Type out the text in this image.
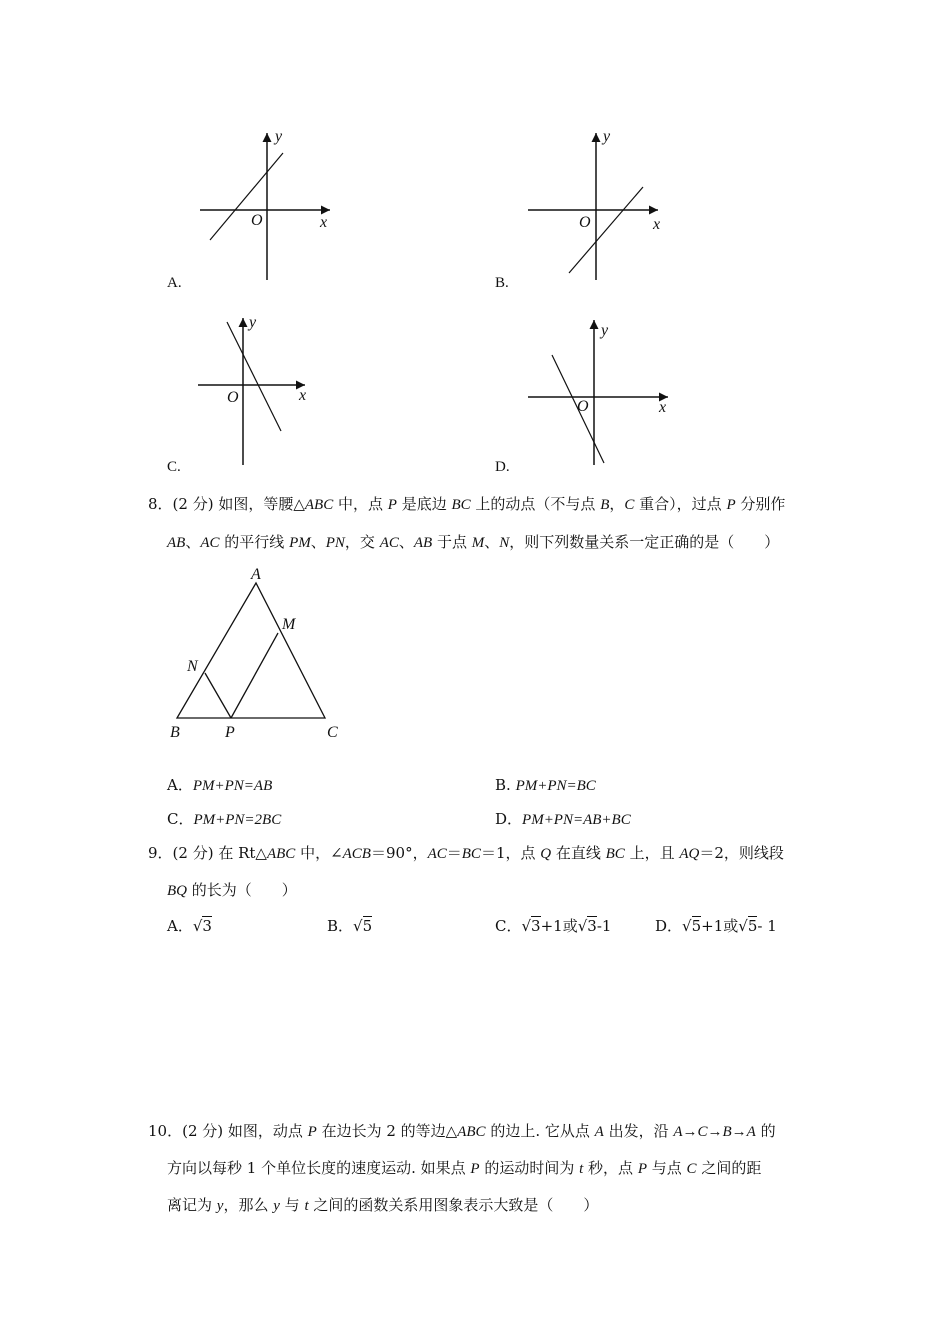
y
x
O
A.
y
x
O
B.
y
x
O
C.
y
x
O
D.
8．(2 分) 如图，等腰△ABC 中，点 P 是底边 BC 上的动点（不与点 B，C 重合），过点 P 分别作
AB、AC 的平行线 PM、PN，交 AC、AB 于点 M、N，则下列数量关系一定正确的是（　　）
A
M
N
B	P	C
A．PM+PN=AB	B. PM+PN=BC
C．PM+PN=2BC	D．PM+PN=AB+BC
9．(2 分) 在 Rt△ABC 中，∠ACB＝90°，AC＝BC＝1，点 Q 在直线 BC 上，且 AQ＝2，则线段
BQ 的长为（　　）
A．√3	B．√5	C．√3+1或√3-1	D．√5+1或√5- 1
10．(2 分) 如图，动点 P 在边长为 2 的等边△ABC 的边上. 它从点 A 出发，沿 A→C→B→A 的
方向以每秒 1 个单位长度的速度运动. 如果点 P 的运动时间为 t 秒，点 P 与点 C 之间的距
离记为 y，那么 y 与 t 之间的函数关系用图象表示大致是（　　）
